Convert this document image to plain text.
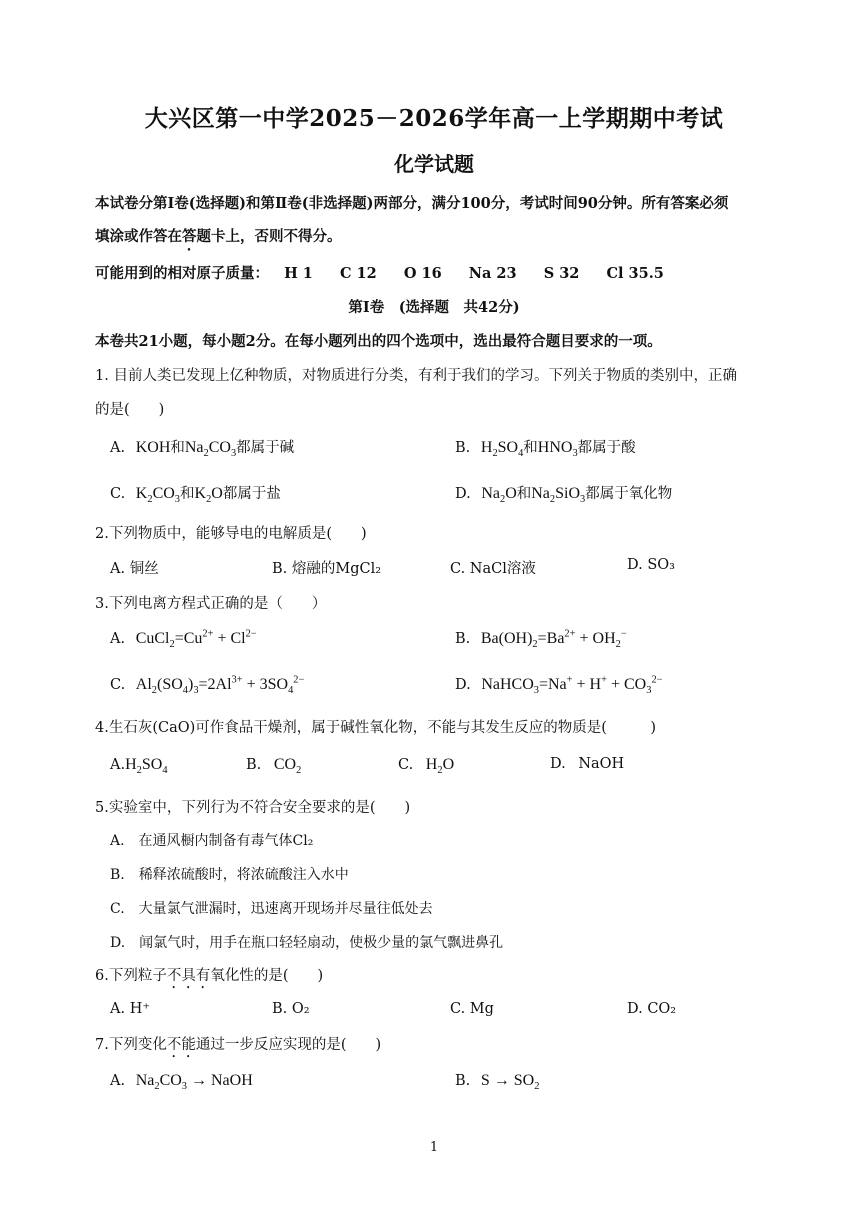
大兴区第一中学2025－2026学年高一上学期期中考试
化学试题
本试卷分第Ⅰ卷(选择题)和第Ⅱ卷(非选择题)两部分，满分100分，考试时间90分钟。所有答案必须
填涂或作答在答题卡上，否则不得分。
可能用到的相对原子质量： H 1 C 12 O 16 Na 23 S 32 Cl 35.5
第Ⅰ卷　(选择题　共42分)
本卷共21小题，每小题2分。在每小题列出的四个选项中，选出最符合题目要求的一项。
1. 目前人类已发现上亿种物质，对物质进行分类，有利于我们的学习。下列关于物质的类别中，正确
的是(　　)
A. KOH和$Na_2CO_3$都属于碱	B. $H_2SO_4$和$HNO_3$都属于酸
C. $K_2CO_3$和$K_2O$都属于盐	D. $Na_2O$和$Na_2SiO_3$都属于氧化物
2.下列物质中，能够导电的电解质是(　　)
A. 铜丝	B. 熔融的MgCl₂	C. NaCl溶液	D. SO₃
3.下列电离方程式正确的是（　　）
A. $CuCl_2=Cu^{2+} + Cl^{2-}$	B. $Ba(OH)_2=Ba^{2+} + OH_2^-$
C. $Al_2(SO_4)_3=2Al^{3+} + 3SO_4^{2-}$	D. NaHCO$_3$=Na+ + $H^+ + CO_3^{2-}$
4.生石灰(CaO)可作食品干燥剂，属于碱性氧化物，不能与其发生反应的物质是(　　　)
$A.H_2SO_4$	B. $CO_2$	C. $H_2O$	D. NaOH
5.实验室中，下列行为不符合安全要求的是(　　)
A.　在通风橱内制备有毒气体Cl₂
B.　稀释浓硫酸时，将浓硫酸注入水中
C.　大量氯气泄漏时，迅速离开现场并尽量往低处去
D.　闻氯气时，用手在瓶口轻轻扇动，使极少量的氯气飘进鼻孔
6.下列粒子不具有氧化性的是(　　)
A. H⁺	B. O₂	C. Mg	D. CO₂
7.下列变化不能通过一步反应实现的是(　　)
A. $Na_2CO_3$ → NaOH	B. $S \to SO_2$
1
